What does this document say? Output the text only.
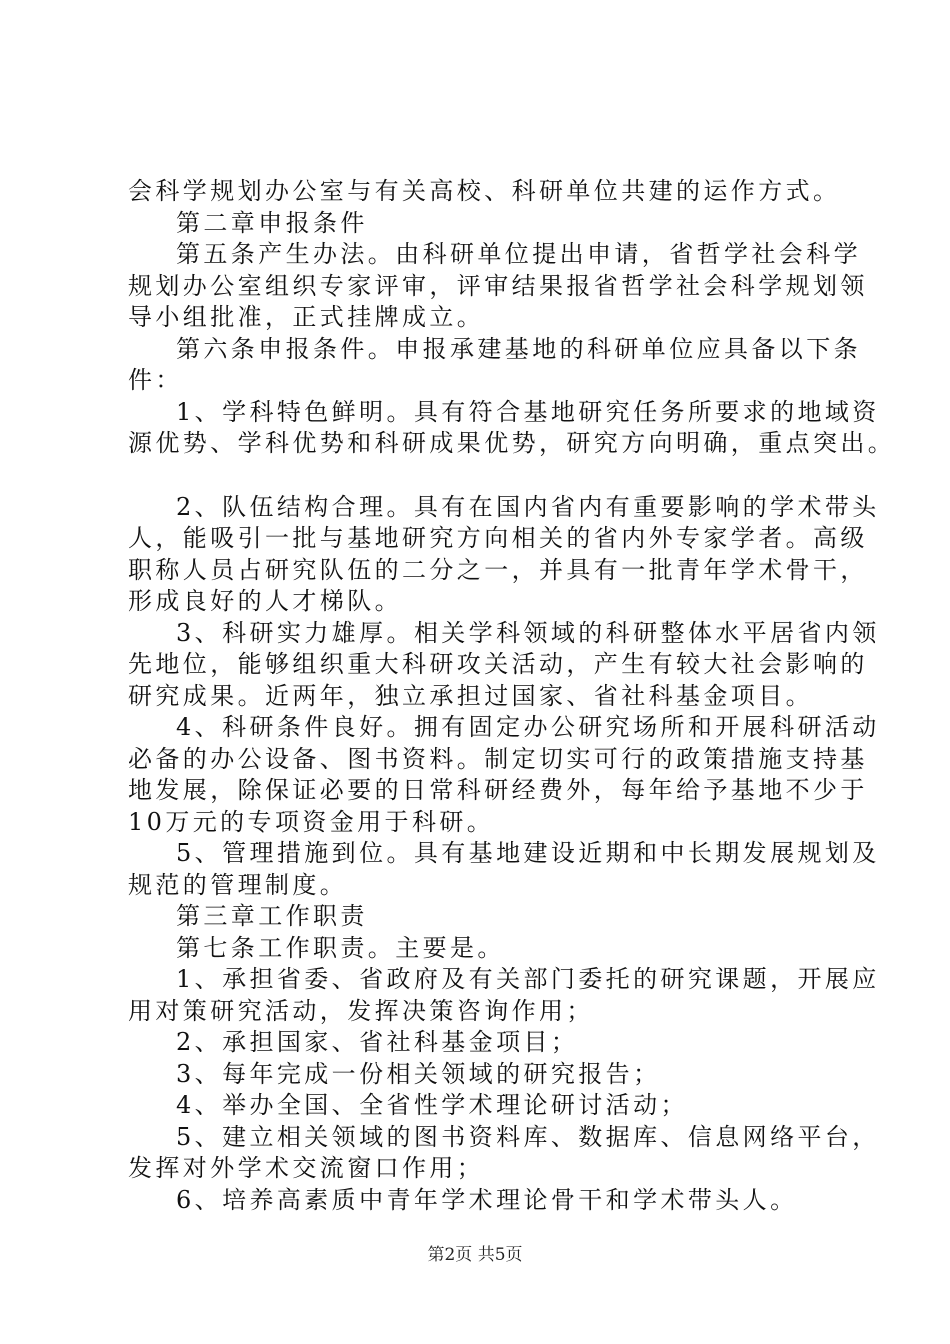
会科学规划办公室与有关高校、科研单位共建的运作方式。
第二章申报条件
第五条产生办法。由科研单位提出申请，省哲学社会科学
规划办公室组织专家评审，评审结果报省哲学社会科学规划领
导小组批准，正式挂牌成立。
第六条申报条件。申报承建基地的科研单位应具备以下条
件：
1、学科特色鲜明。具有符合基地研究任务所要求的地域资
源优势、学科优势和科研成果优势，研究方向明确，重点突出。
2、队伍结构合理。具有在国内省内有重要影响的学术带头
人，能吸引一批与基地研究方向相关的省内外专家学者。高级
职称人员占研究队伍的二分之一，并具有一批青年学术骨干，
形成良好的人才梯队。
3、科研实力雄厚。相关学科领域的科研整体水平居省内领
先地位，能够组织重大科研攻关活动，产生有较大社会影响的
研究成果。近两年，独立承担过国家、省社科基金项目。
4、科研条件良好。拥有固定办公研究场所和开展科研活动
必备的办公设备、图书资料。制定切实可行的政策措施支持基
地发展，除保证必要的日常科研经费外，每年给予基地不少于
10万元的专项资金用于科研。
5、管理措施到位。具有基地建设近期和中长期发展规划及
规范的管理制度。
第三章工作职责
第七条工作职责。主要是。
1、承担省委、省政府及有关部门委托的研究课题，开展应
用对策研究活动，发挥决策咨询作用；
2、承担国家、省社科基金项目；
3、每年完成一份相关领域的研究报告；
4、举办全国、全省性学术理论研讨活动；
5、建立相关领域的图书资料库、数据库、信息网络平台，
发挥对外学术交流窗口作用；
6、培养高素质中青年学术理论骨干和学术带头人。
第2页 共5页
